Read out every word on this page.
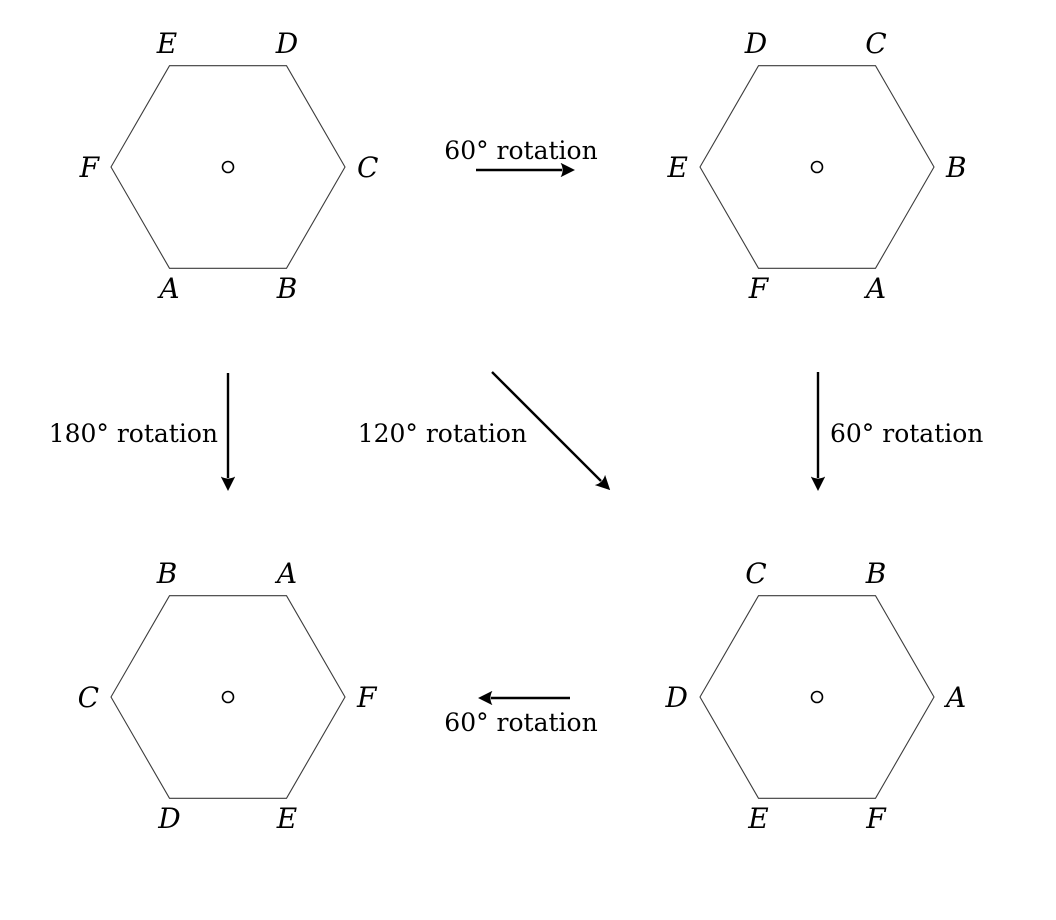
E	D
F	C
A	B
D	C
E	B
F	A
B	A
C	F
D	E
C	B
D	A
E	F
60° rotation
180° rotation	120° rotation	60° rotation
60° rotation
